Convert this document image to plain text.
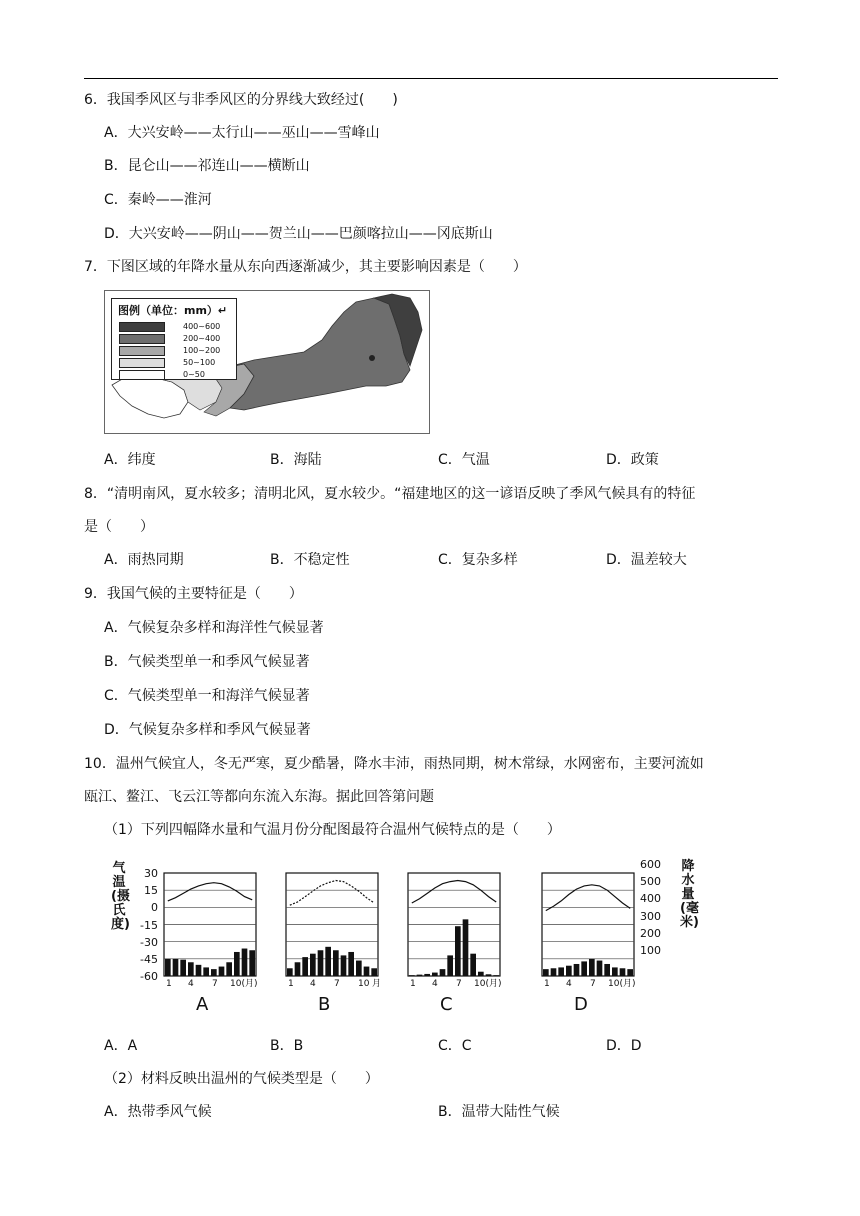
6．我国季风区与非季风区的分界线大致经过(　　)
A．大兴安岭——太行山——巫山——雪峰山
B．昆仑山——祁连山——横断山
C．秦岭——淮河
D．大兴安岭——阴山——贺兰山——巴颜喀拉山——冈底斯山
7．下图区域的年降水量从东向西逐渐减少，其主要影响因素是（　　）
图例（单位：mm）↵
400~600
200~400
100~200
50~100
0~50
A．纬度	B．海陆	C．气温	D．政策
8．“清明南风，夏水较多；清明北风，夏水较少。“福建地区的这一谚语反映了季风气候具有的特征
是（　　）
A．雨热同期	B．不稳定性	C．复杂多样	D．温差较大
9．我国气候的主要特征是（　　）
A．气候复杂多样和海洋性气候显著
B．气候类型单一和季风气候显著
C．气候类型单一和海洋气候显著
D．气候复杂多样和季风气候显著
10．温州气候宜人，冬无严寒，夏少酷暑，降水丰沛，雨热同期，树木常绿，水网密布，主要河流如
瓯江、鳌江、飞云江等都向东流入东海。据此回答第问题
（1）下列四幅降水量和气温月份分配图最符合温州气候特点的是（　　）
气温(摄氏度)
降水量(毫米)
30
15
0
-15
-30
-45
-60
600
500
400
300
200
100
1 4 7 10(月)	1 4 7 10 月	1 4 7 10(月)	1 4 7 10(月)
A	B	C	D
A．A	B．B	C．C	D．D
（2）材料反映出温州的气候类型是（　　）
A．热带季风气候	B．温带大陆性气候
